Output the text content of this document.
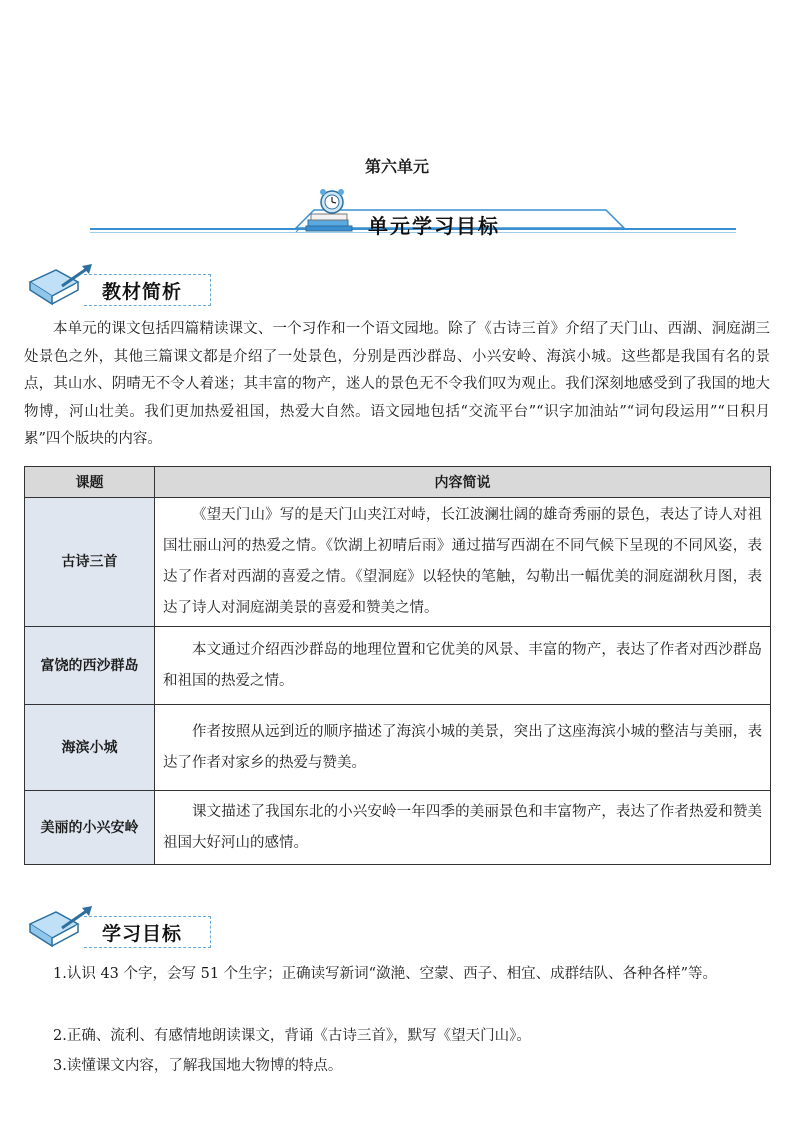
第六单元
单元学习目标
教材简析

本单元的课文包括四篇精读课文、一个习作和一个语文园地。除了《古诗三首》介绍了天门山、西湖、洞庭湖三处景色之外，其他三篇课文都是介绍了一处景色，分别是西沙群岛、小兴安岭、海滨小城。这些都是我国有名的景点，其山水、阴晴无不令人着迷；其丰富的物产，迷人的景色无不令我们叹为观止。我们深刻地感受到了我国的地大物博，河山壮美。我们更加热爱祖国，热爱大自然。语文园地包括“交流平台”“识字加油站”“词句段运用”“日积月累”四个版块的内容。

课题	内容简说
古诗三首	《望天门山》写的是天门山夹江对峙，长江波澜壮阔的雄奇秀丽的景色，表达了诗人对祖国壮丽山河的热爱之情。《饮湖上初晴后雨》通过描写西湖在不同气候下呈现的不同风姿，表达了作者对西湖的喜爱之情。《望洞庭》以轻快的笔触，勾勒出一幅优美的洞庭湖秋月图，表达了诗人对洞庭湖美景的喜爱和赞美之情。
富饶的西沙群岛	本文通过介绍西沙群岛的地理位置和它优美的风景、丰富的物产，表达了作者对西沙群岛和祖国的热爱之情。
海滨小城	作者按照从远到近的顺序描述了海滨小城的美景，突出了这座海滨小城的整洁与美丽，表达了作者对家乡的热爱与赞美。
美丽的小兴安岭	课文描述了我国东北的小兴安岭一年四季的美丽景色和丰富物产，表达了作者热爱和赞美祖国大好河山的感情。
学习目标

1.认识 43 个字，会写 51 个生字；正确读写新词“潋滟、空蒙、西子、相宜、成群结队、各种各样”等。

2.正确、流利、有感情地朗读课文，背诵《古诗三首》，默写《望天门山》。

3.读懂课文内容，了解我国地大物博的特点。
